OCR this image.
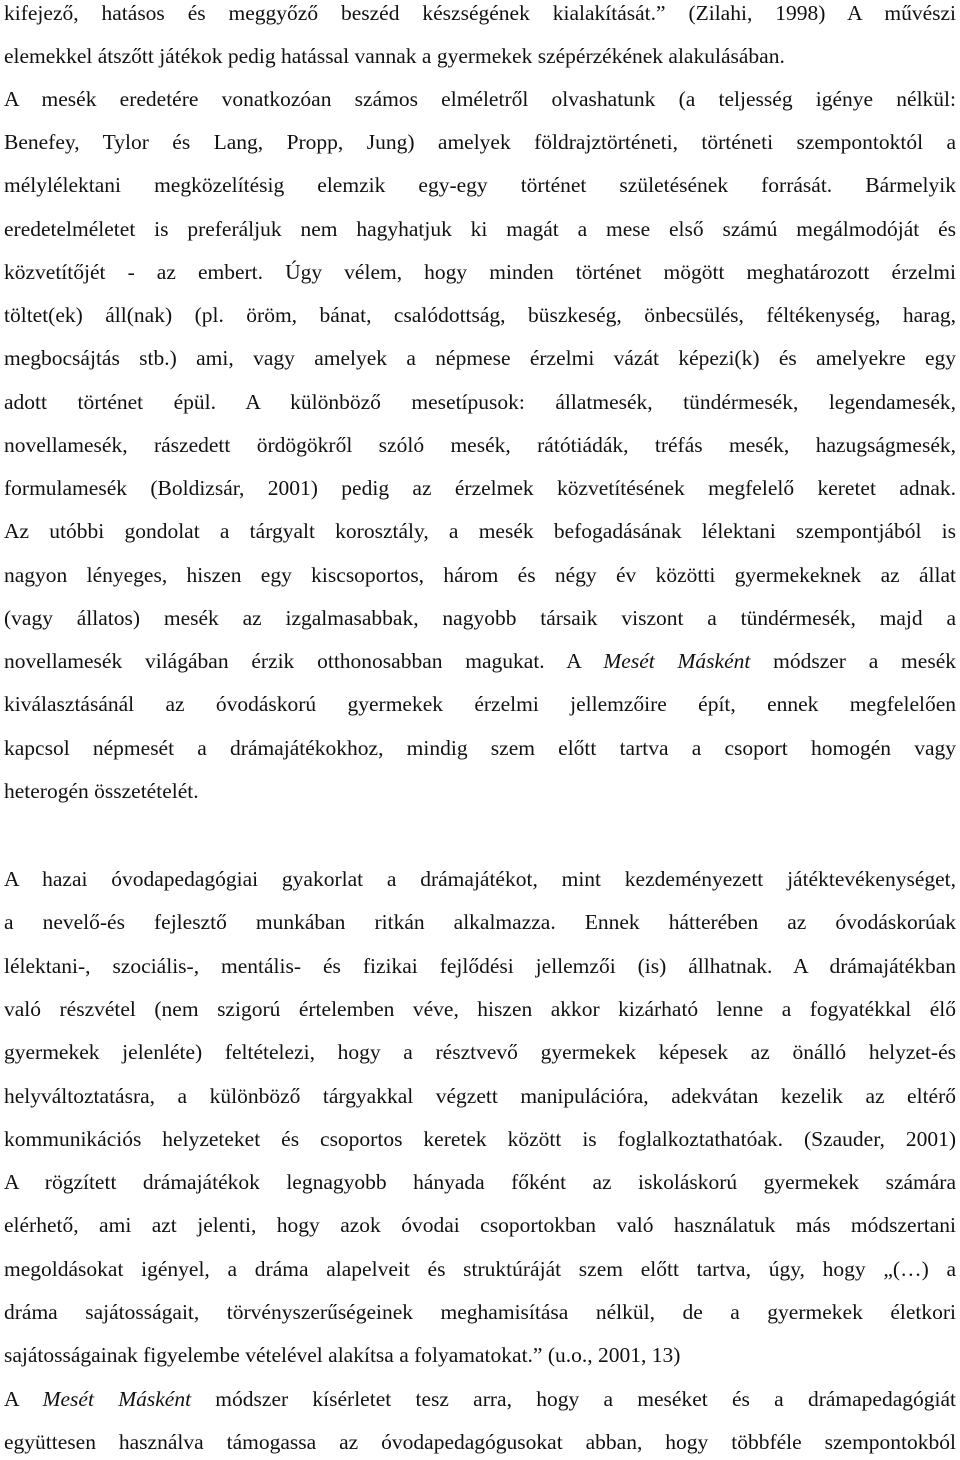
kifejező, hatásos és meggyőző beszéd készségének kialakítását.” (Zilahi, 1998) A művészi
elemekkel átszőtt játékok pedig hatással vannak a gyermekek szépérzékének alakulásában.
A mesék eredetére vonatkozóan számos elméletről olvashatunk (a teljesség igénye nélkül:
Benefey, Tylor és Lang, Propp, Jung) amelyek földrajztörténeti, történeti szempontoktól a
mélylélektani megközelítésig elemzik egy-egy történet születésének forrását. Bármelyik
eredetelméletet is preferáljuk nem hagyhatjuk ki magát a mese első számú megálmodóját és
közvetítőjét - az embert. Úgy vélem, hogy minden történet mögött meghatározott érzelmi
töltet(ek) áll(nak) (pl. öröm, bánat, csalódottság, büszkeség, önbecsülés, féltékenység, harag,
megbocsájtás stb.) ami, vagy amelyek a népmese érzelmi vázát képezi(k) és amelyekre egy
adott történet épül. A különböző mesetípusok: állatmesék, tündérmesék, legendamesék,
novellamesék, rászedett ördögökről szóló mesék, rátótiádák, tréfás mesék, hazugságmesék,
formulamesék (Boldizsár, 2001) pedig az érzelmek közvetítésének megfelelő keretet adnak.
Az utóbbi gondolat a tárgyalt korosztály, a mesék befogadásának lélektani szempontjából is
nagyon lényeges, hiszen egy kiscsoportos, három és négy év közötti gyermekeknek az állat
(vagy állatos) mesék az izgalmasabbak, nagyobb társaik viszont a tündérmesék, majd a
novellamesék világában érzik otthonosabban magukat. A Mesét Másként módszer a mesék
kiválasztásánál az óvodáskorú gyermekek érzelmi jellemzőire épít, ennek megfelelően
kapcsol népmesét a drámajátékokhoz, mindig szem előtt tartva a csoport homogén vagy
heterogén összetételét.
A hazai óvodapedagógiai gyakorlat a drámajátékot, mint kezdeményezett játéktevékenységet,
a nevelő-és fejlesztő munkában ritkán alkalmazza. Ennek hátterében az óvodáskorúak
lélektani-, szociális-, mentális- és fizikai fejlődési jellemzői (is) állhatnak. A drámajátékban
való részvétel (nem szigorú értelemben véve, hiszen akkor kizárható lenne a fogyatékkal élő
gyermekek jelenléte) feltételezi, hogy a résztvevő gyermekek képesek az önálló helyzet-és
helyváltoztatásra, a különböző tárgyakkal végzett manipulációra, adekvátan kezelik az eltérő
kommunikációs helyzeteket és csoportos keretek között is foglalkoztathatóak. (Szauder, 2001)
A rögzített drámajátékok legnagyobb hányada főként az iskoláskorú gyermekek számára
elérhető, ami azt jelenti, hogy azok óvodai csoportokban való használatuk más módszertani
megoldásokat igényel, a dráma alapelveit és struktúráját szem előtt tartva, úgy, hogy „(…) a
dráma sajátosságait, törvényszerűségeinek meghamisítása nélkül, de a gyermekek életkori
sajátosságainak figyelembe vételével alakítsa a folyamatokat.” (u.o., 2001, 13)
A Mesét Másként módszer kísérletet tesz arra, hogy a meséket és a drámapedagógiát
együttesen használva támogassa az óvodapedagógusokat abban, hogy többféle szempontokból
